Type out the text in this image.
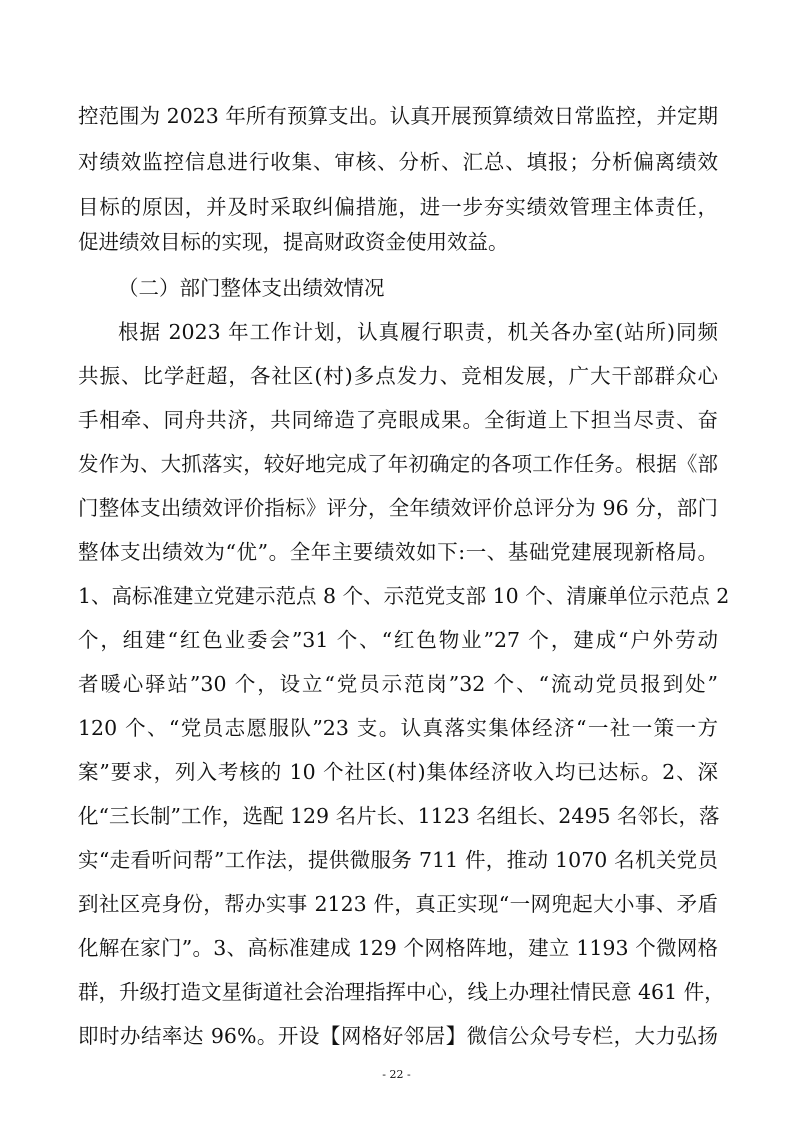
控范围为 2023 年所有预算支出。认真开展预算绩效日常监控，并定期
对绩效监控信息进行收集、审核、分析、汇总、填报；分析偏离绩效
目标的原因，并及时采取纠偏措施，进一步夯实绩效管理主体责任，
促进绩效目标的实现，提高财政资金使用效益。
（二）部门整体支出绩效情况
根据 2023 年工作计划，认真履行职责，机关各办室(站所)同频
共振、比学赶超，各社区(村)多点发力、竞相发展，广大干部群众心
手相牵、同舟共济，共同缔造了亮眼成果。全街道上下担当尽责、奋
发作为、大抓落实，较好地完成了年初确定的各项工作任务。根据《部
门整体支出绩效评价指标》评分，全年绩效评价总评分为 96 分，部门
整体支出绩效为“优”。全年主要绩效如下:一、基础党建展现新格局。
1、高标准建立党建示范点 8 个、示范党支部 10 个、清廉单位示范点 2
个，组建“红色业委会”31 个、“红色物业”27 个，建成“户外劳动
者暖心驿站”30 个，设立“党员示范岗”32 个、“流动党员报到处”
120 个、“党员志愿服队”23 支。认真落实集体经济“一社一策一方
案”要求，列入考核的 10 个社区(村)集体经济收入均已达标。2、深
化“三长制”工作，选配 129 名片长、1123 名组长、2495 名邻长，落
实“走看听问帮”工作法，提供微服务 711 件，推动 1070 名机关党员
到社区亮身份，帮办实事 2123 件，真正实现“一网兜起大小事、矛盾
化解在家门”。3、高标准建成 129 个网格阵地，建立 1193 个微网格
群，升级打造文星街道社会治理指挥中心，线上办理社情民意 461 件，
即时办结率达 96%。开设【网格好邻居】微信公众号专栏，大力弘扬
- 22 -
